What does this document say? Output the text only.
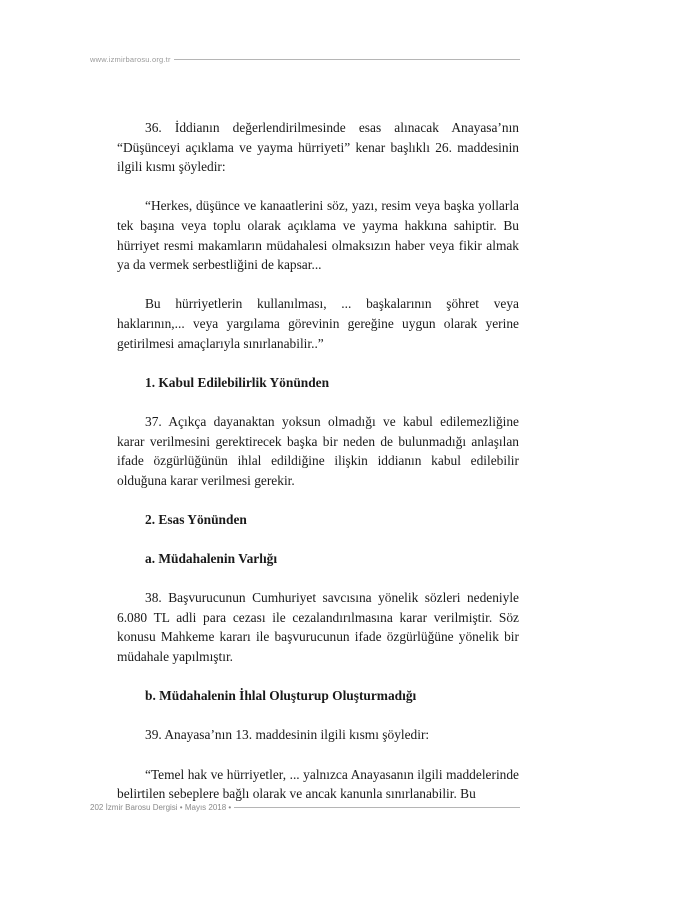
www.izmirbarosu.org.tr

36. İddianın değerlendirilmesinde esas alınacak Anayasa’nın “Düşünceyi açıklama ve yayma hürriyeti” kenar başlıklı 26. maddesinin ilgili kısmı şöyledir:

“Herkes, düşünce ve kanaatlerini söz, yazı, resim veya başka yollarla tek başına veya toplu olarak açıklama ve yayma hakkına sahiptir. Bu hürriyet resmi makamların müdahalesi olmaksızın haber veya fikir almak ya da vermek serbestliğini de kapsar...

Bu hürriyetlerin kullanılması, ... başkalarının şöhret veya haklarının,... veya yargılama görevinin gereğine uygun olarak yerine getirilmesi amaçlarıyla sınırlanabilir..”

1. Kabul Edilebilirlik Yönünden

37. Açıkça dayanaktan yoksun olmadığı ve kabul edilemezliğine karar verilmesini gerektirecek başka bir neden de bulunmadığı anlaşılan ifade özgürlüğünün ihlal edildiğine ilişkin iddianın kabul edilebilir olduğuna karar verilmesi gerekir.

2. Esas Yönünden

a. Müdahalenin Varlığı

38. Başvurucunun Cumhuriyet savcısına yönelik sözleri nedeniyle 6.080 TL adli para cezası ile cezalandırılmasına karar verilmiştir. Söz konusu Mahkeme kararı ile başvurucunun ifade özgürlüğüne yönelik bir müdahale yapılmıştır.

b. Müdahalenin İhlal Oluşturup Oluşturmadığı

39. Anayasa’nın 13. maddesinin ilgili kısmı şöyledir:

“Temel hak ve hürriyetler, ... yalnızca Anayasanın ilgili maddelerinde belirtilen sebeplere bağlı olarak ve ancak kanunla sınırlanabilir. Bu

202 İzmir Barosu Dergisi • Mayıs 2018 •
